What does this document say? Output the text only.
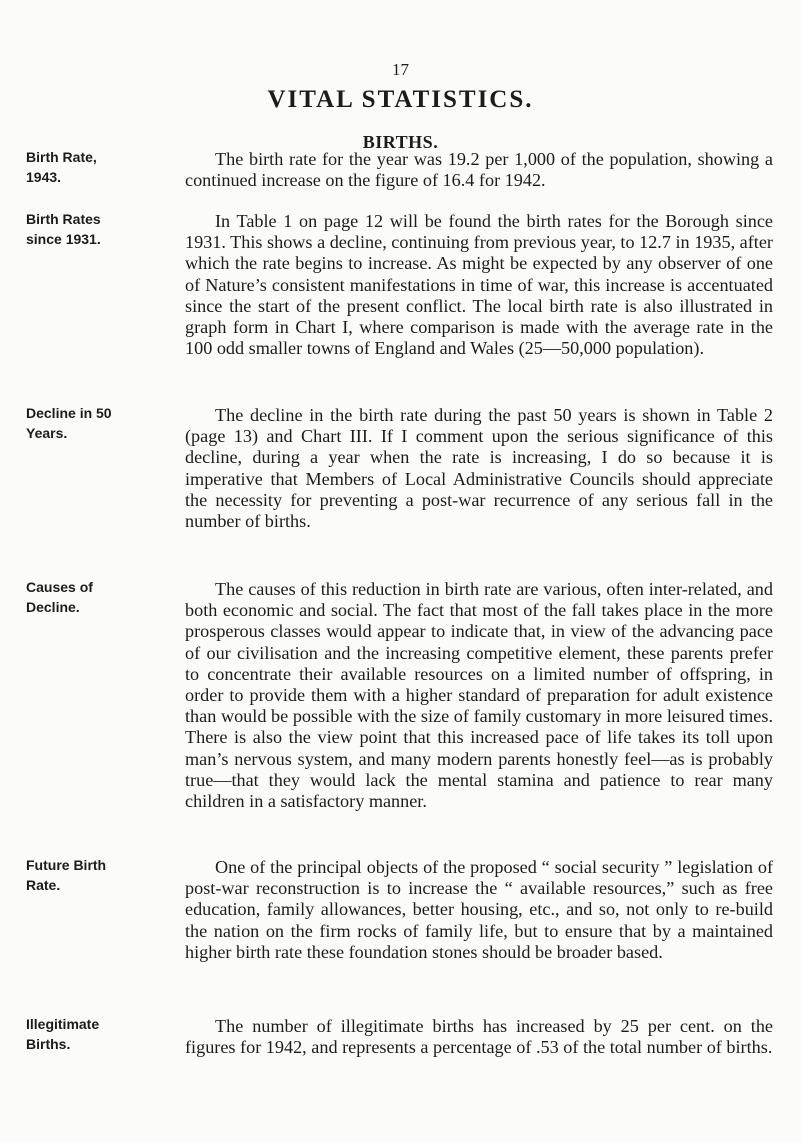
17
VITAL STATISTICS.
BIRTHS.
Birth Rate, 1943.

The birth rate for the year was 19.2 per 1,000 of the population, showing a continued increase on the figure of 16.4 for 1942.

Birth Rates since 1931.

In Table 1 on page 12 will be found the birth rates for the Borough since 1931. This shows a decline, continuing from previous year, to 12.7 in 1935, after which the rate begins to increase. As might be expected by any observer of one of Nature’s consistent manifestations in time of war, this increase is accentuated since the start of the present conflict. The local birth rate is also illustrated in graph form in Chart I, where comparison is made with the average rate in the 100 odd smaller towns of England and Wales (25—50,000 population).

Decline in 50 Years.

The decline in the birth rate during the past 50 years is shown in Table 2 (page 13) and Chart III. If I comment upon the serious significance of this decline, during a year when the rate is increasing, I do so because it is imperative that Members of Local Administrative Councils should appreciate the necessity for preventing a post-war recurrence of any serious fall in the number of births.

Causes of Decline.

The causes of this reduction in birth rate are various, often inter-related, and both economic and social. The fact that most of the fall takes place in the more prosperous classes would appear to indicate that, in view of the advancing pace of our civilisation and the increasing competitive element, these parents prefer to concentrate their available resources on a limited number of offspring, in order to provide them with a higher standard of preparation for adult existence than would be possible with the size of family customary in more leisured times. There is also the view point that this increased pace of life takes its toll upon man’s nervous system, and many modern parents honestly feel—as is probably true—that they would lack the mental stamina and patience to rear many children in a satisfactory manner.

Future Birth Rate.

One of the principal objects of the proposed “ social security ” legislation of post-war reconstruction is to increase the “ available resources,” such as free education, family allowances, better housing, etc., and so, not only to re-build the nation on the firm rocks of family life, but to ensure that by a maintained higher birth rate these foundation stones should be broader based.

Illegitimate Births.

The number of illegitimate births has increased by 25 per cent. on the figures for 1942, and represents a percentage of .53 of the total number of births.
